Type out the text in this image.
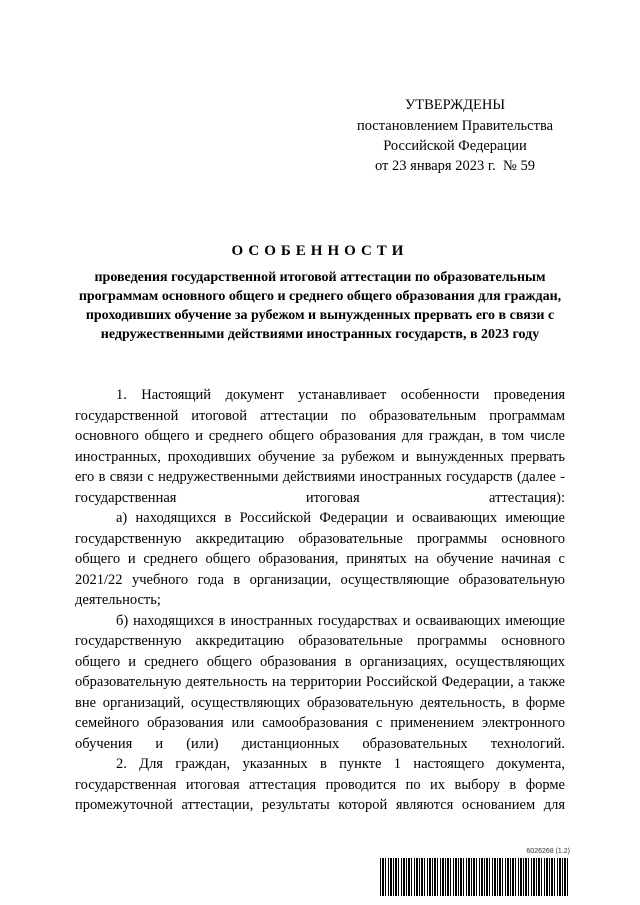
УТВЕРЖДЕНЫ
постановлением Правительства
Российской Федерации
от 23 января 2023 г.  № 59
ОСОБЕННОСТИ
проведения государственной итоговой аттестации по образовательным программам основного общего и среднего общего образования для граждан, проходивших обучение за рубежом и вынужденных прервать его в связи с недружественными действиями иностранных государств, в 2023 году

1. Настоящий документ устанавливает особенности проведения государственной итоговой аттестации по образовательным программам основного общего и среднего общего образования для граждан, в том числе иностранных, проходивших обучение за рубежом и вынужденных прервать его в связи с недружественными действиями иностранных государств (далее - государственная итоговая аттестация):

а) находящихся в Российской Федерации и осваивающих имеющие государственную аккредитацию образовательные программы основного общего и среднего общего образования, принятых на обучение начиная с 2021/22 учебного года в организации, осуществляющие образовательную деятельность;

б) находящихся в иностранных государствах и осваивающих имеющие государственную аккредитацию образовательные программы основного общего и среднего общего образования в организациях, осуществляющих образовательную деятельность на территории Российской Федерации, а также вне организаций, осуществляющих образовательную деятельность, в форме семейного образования или самообразования с применением электронного обучения и (или) дистанционных образовательных технологий.

2. Для граждан, указанных в пункте 1 настоящего документа, государственная итоговая аттестация проводится по их выбору в форме промежуточной аттестации, результаты которой являются основанием для

6026268 (1.2)
